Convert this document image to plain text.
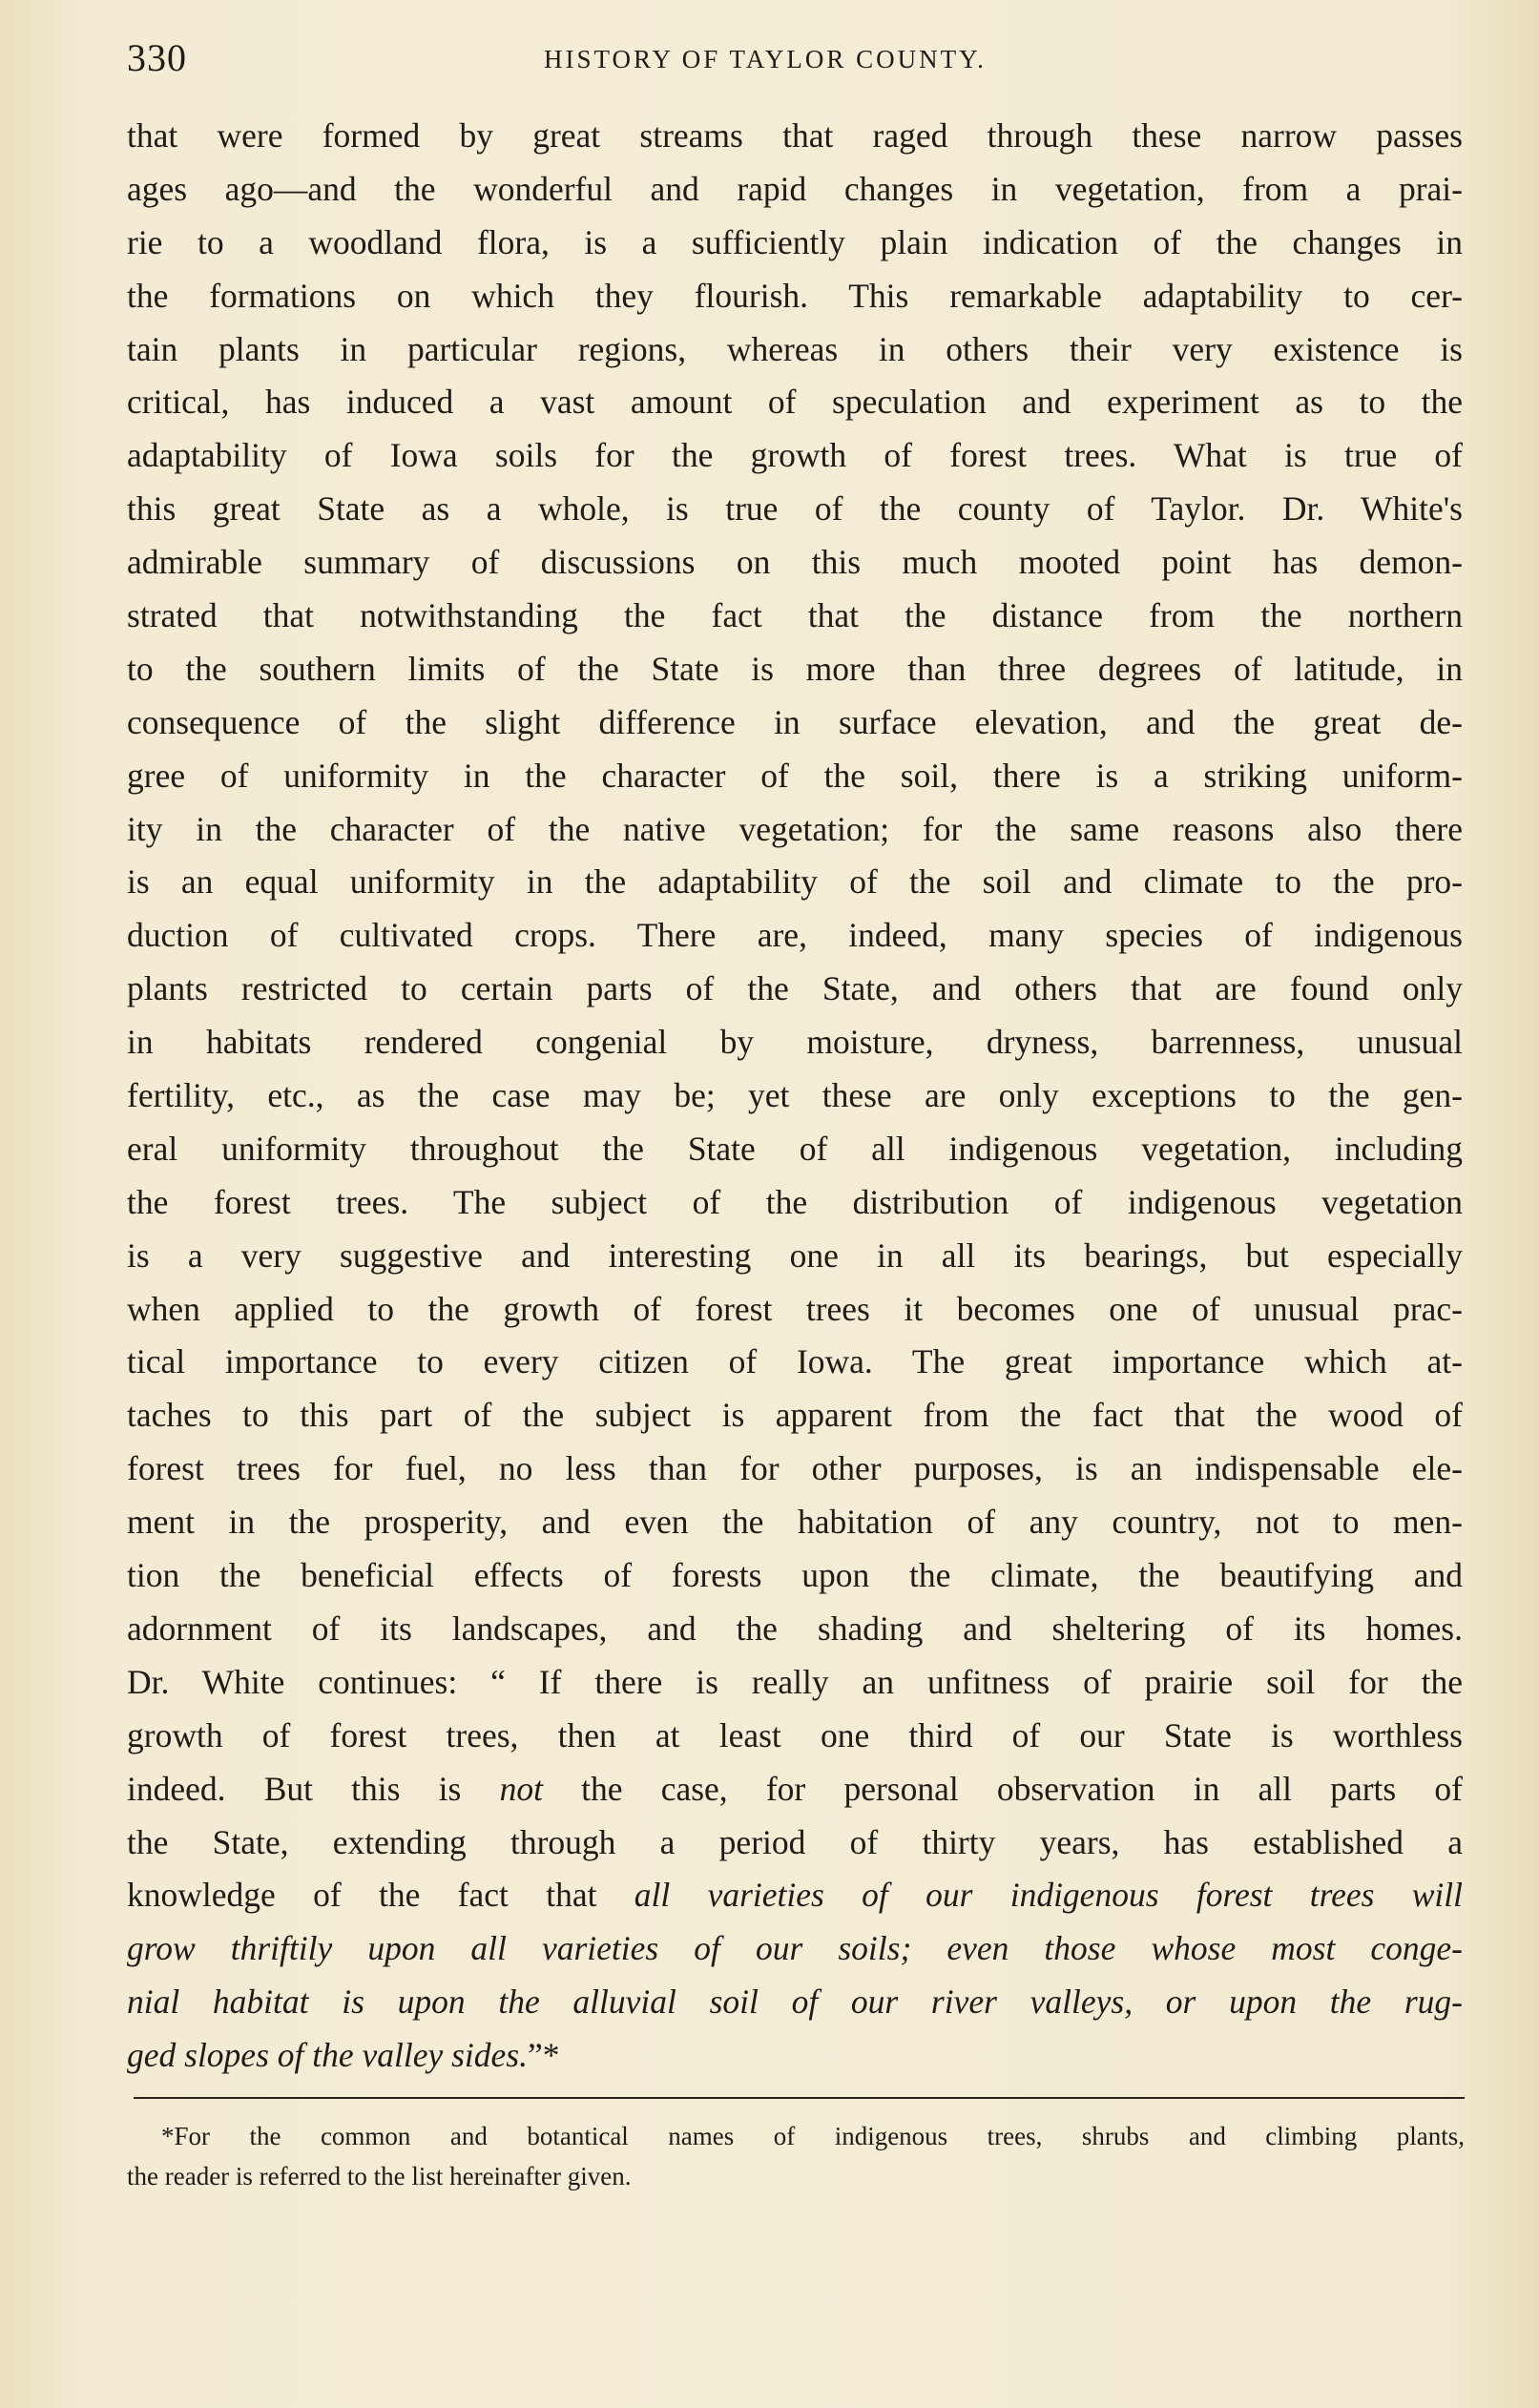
330	HISTORY OF TAYLOR COUNTY.
that were formed by great streams that raged through these narrow passes
ages ago—and the wonderful and rapid changes in vegetation, from a prai-
rie to a woodland flora, is a sufficiently plain indication of the changes in
the formations on which they flourish. This remarkable adaptability to cer-
tain plants in particular regions, whereas in others their very existence is
critical, has induced a vast amount of speculation and experiment as to the
adaptability of Iowa soils for the growth of forest trees. What is true of
this great State as a whole, is true of the county of Taylor. Dr. White's
admirable summary of discussions on this much mooted point has demon-
strated that notwithstanding the fact that the distance from the northern
to the southern limits of the State is more than three degrees of latitude, in
consequence of the slight difference in surface elevation, and the great de-
gree of uniformity in the character of the soil, there is a striking uniform-
ity in the character of the native vegetation; for the same reasons also there
is an equal uniformity in the adaptability of the soil and climate to the pro-
duction of cultivated crops. There are, indeed, many species of indigenous
plants restricted to certain parts of the State, and others that are found only
in habitats rendered congenial by moisture, dryness, barrenness, unusual
fertility, etc., as the case may be; yet these are only exceptions to the gen-
eral uniformity throughout the State of all indigenous vegetation, including
the forest trees. The subject of the distribution of indigenous vegetation
is a very suggestive and interesting one in all its bearings, but especially
when applied to the growth of forest trees it becomes one of unusual prac-
tical importance to every citizen of Iowa. The great importance which at-
taches to this part of the subject is apparent from the fact that the wood of
forest trees for fuel, no less than for other purposes, is an indispensable ele-
ment in the prosperity, and even the habitation of any country, not to men-
tion the beneficial effects of forests upon the climate, the beautifying and
adornment of its landscapes, and the shading and sheltering of its homes.
Dr. White continues: “ If there is really an unfitness of prairie soil for the
growth of forest trees, then at least one third of our State is worthless
indeed. But this is not the case, for personal observation in all parts of
the State, extending through a period of thirty years, has established a
knowledge of the fact that all varieties of our indigenous forest trees will
grow thriftily upon all varieties of our soils; even those whose most conge-
nial habitat is upon the alluvial soil of our river valleys, or upon the rug-
ged slopes of the valley sides.”*
*For the common and botantical names of indigenous trees, shrubs and climbing plants,
the reader is referred to the list hereinafter given.
